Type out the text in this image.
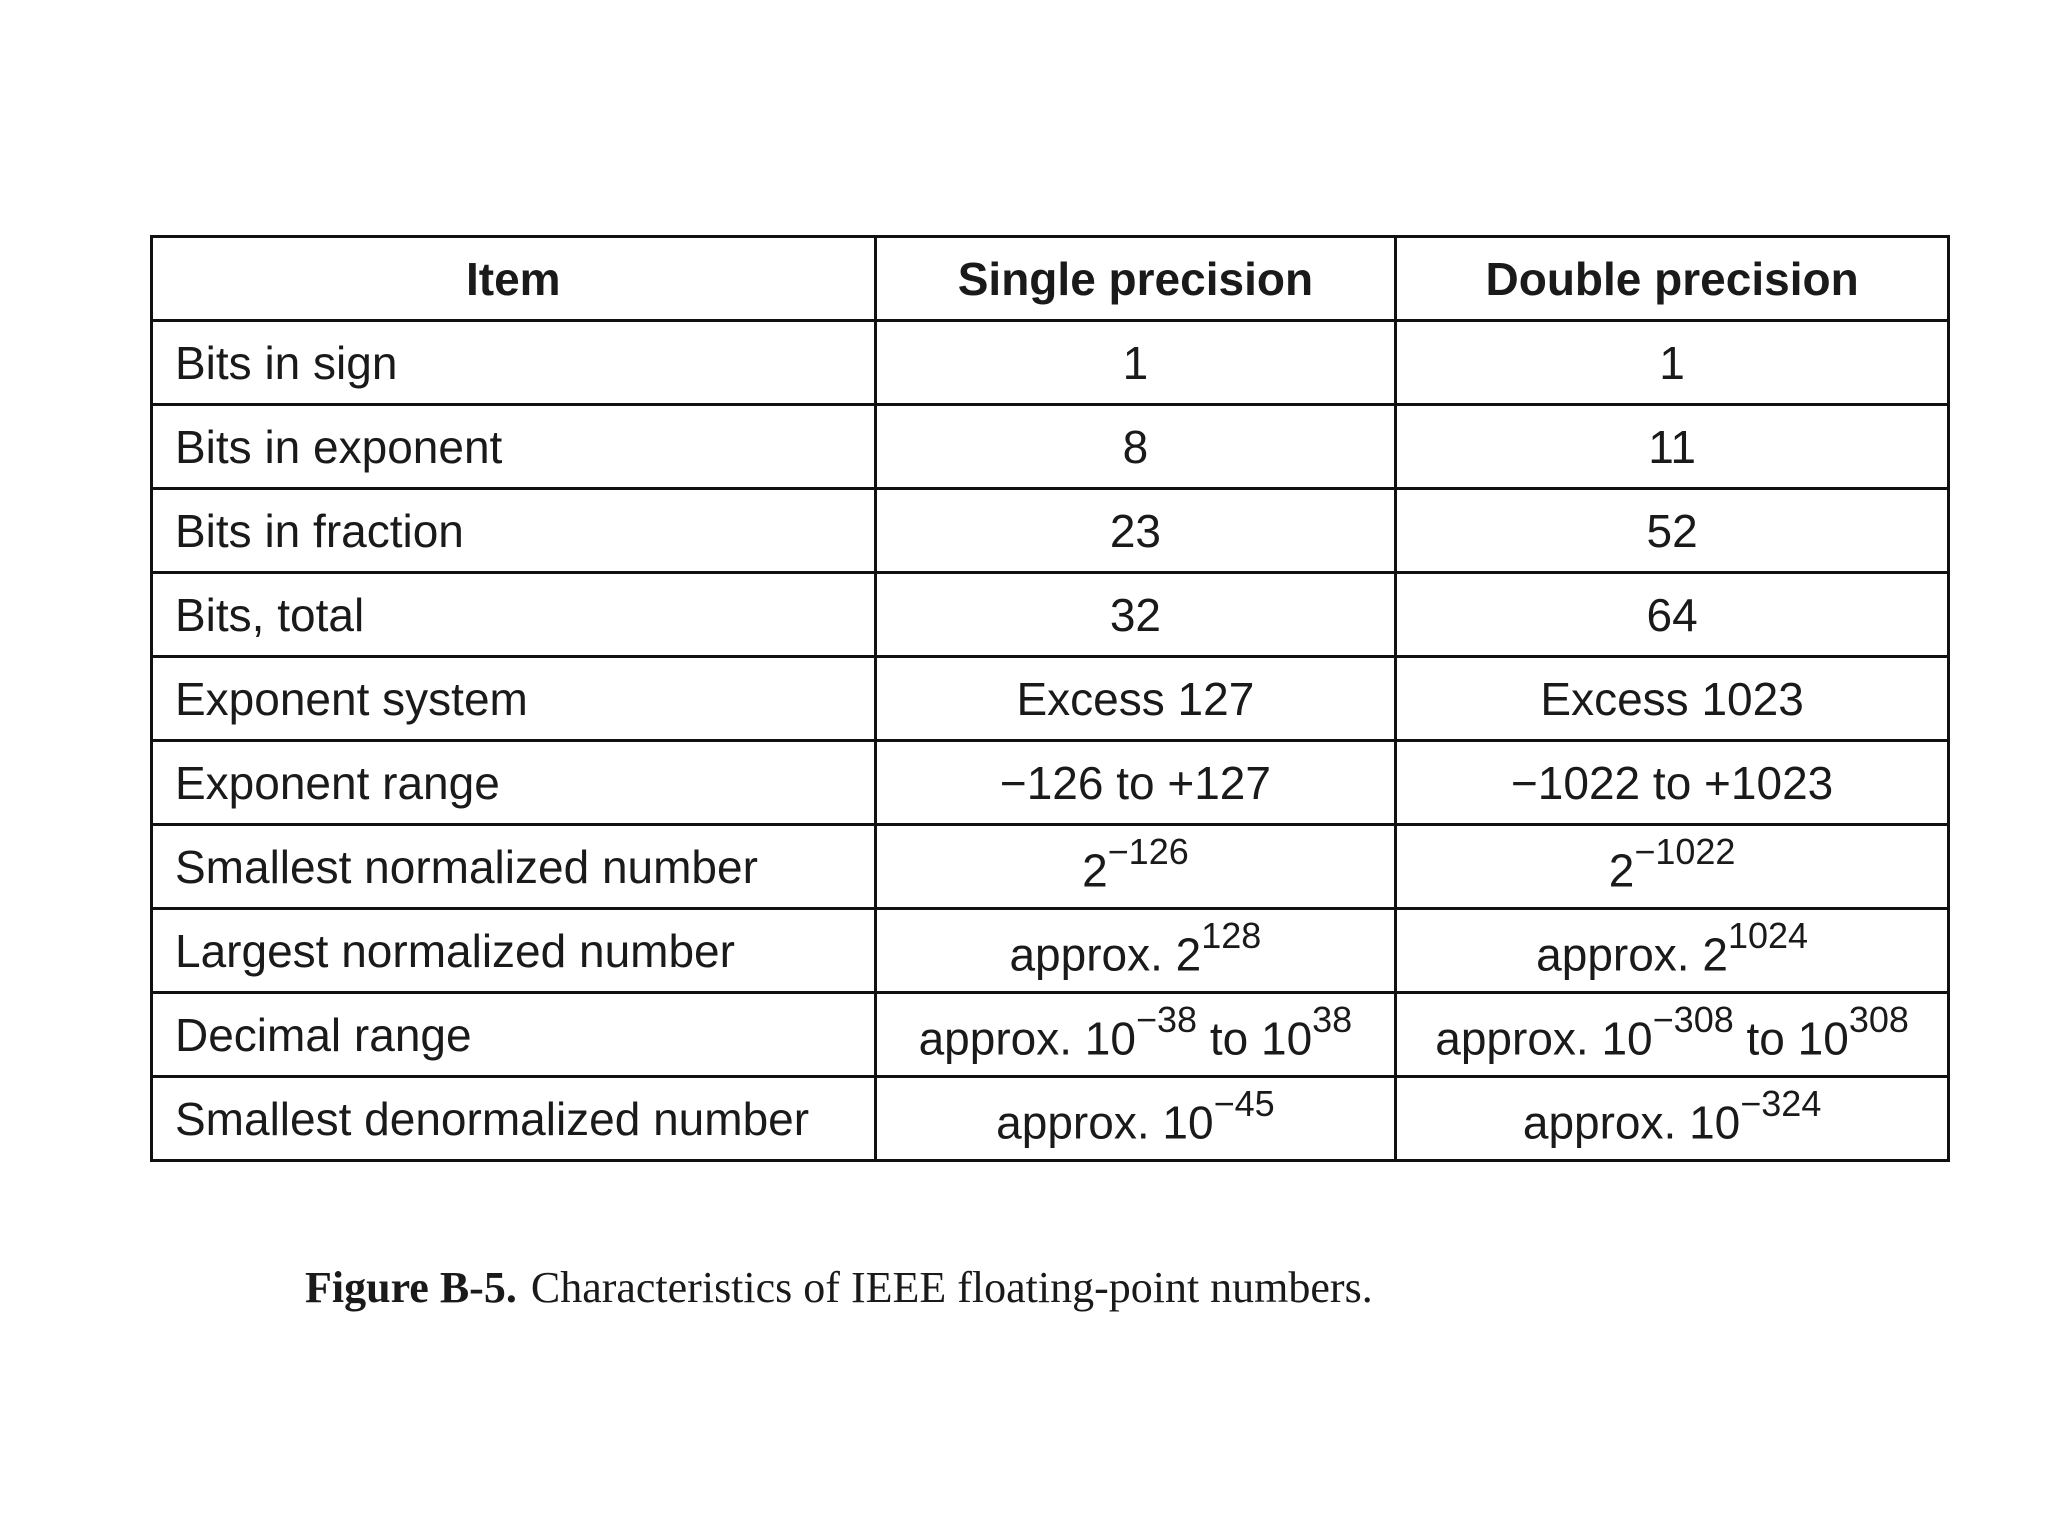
Item	Single precision	Double precision
Bits in sign	1	1
Bits in exponent	8	11
Bits in fraction	23	52
Bits, total	32	64
Exponent system	Excess 127	Excess 1023
Exponent range	−126 to +127	−1022 to +1023
Smallest normalized number	$2^{-126}$	$2^{-1022}$
Largest normalized number	approx. $2^{128}$	approx. $2^{1024}$
Decimal range	approx. $10^{-38}$ to $10^{38}$	approx. $10^{-308}$ to $10^{308}$
Smallest denormalized number	approx. $10^{-45}$	approx. $10^{-324}$
Figure B-5. Characteristics of IEEE floating-point numbers.
